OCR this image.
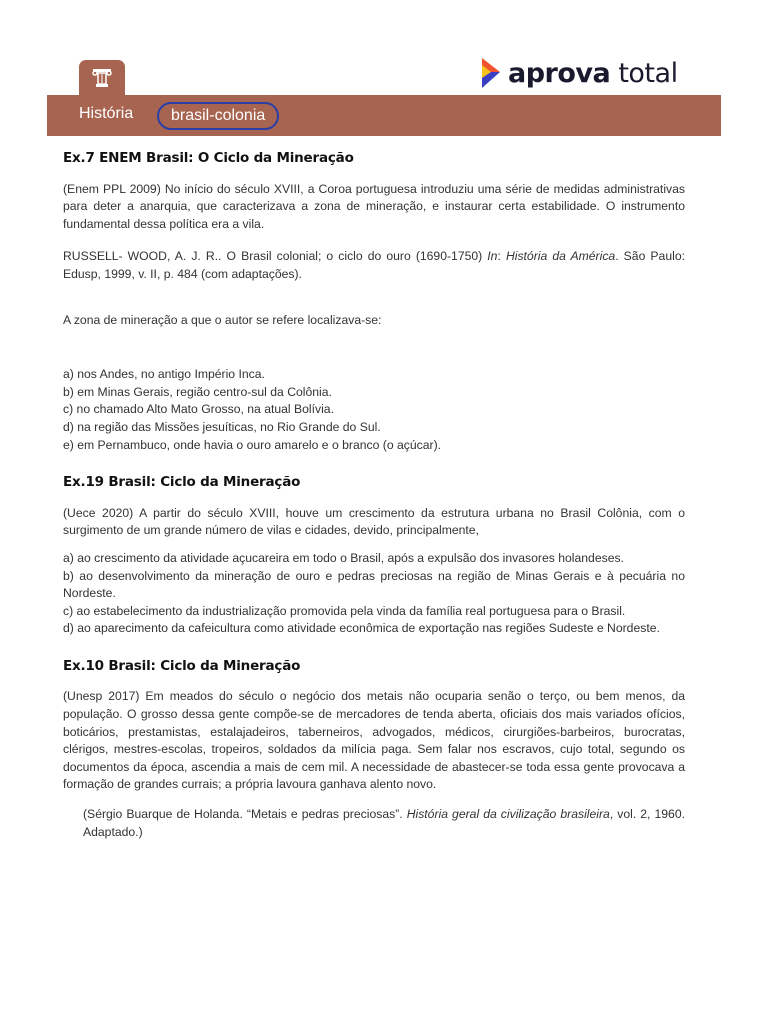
aprova total
História	brasil-colonia
Ex.7 ENEM Brasil: O Ciclo da Mineração

(Enem PPL 2009) No início do século XVIII, a Coroa portuguesa introduziu uma série de medidas administrativas para deter a anarquia, que caracterizava a zona de mineração, e instaurar certa estabilidade. O instrumento fundamental dessa política era a vila.

RUSSELL- WOOD, A. J. R.. O Brasil colonial; o ciclo do ouro (1690-1750) In: História da América. São Paulo: Edusp, 1999, v. II, p. 484 (com adaptações).

A zona de mineração a que o autor se refere localizava-se:

a) nos Andes, no antigo Império Inca.
b) em Minas Gerais, região centro-sul da Colônia.
c) no chamado Alto Mato Grosso, na atual Bolívia.
d) na região das Missões jesuíticas, no Rio Grande do Sul.
e) em Pernambuco, onde havia o ouro amarelo e o branco (o açúcar).
Ex.19 Brasil: Ciclo da Mineração

(Uece 2020) A partir do século XVIII, houve um crescimento da estrutura urbana no Brasil Colônia, com o surgimento de um grande número de vilas e cidades, devido, principalmente,

a) ao crescimento da atividade açucareira em todo o Brasil, após a expulsão dos invasores holandeses.
b) ao desenvolvimento da mineração de ouro e pedras preciosas na região de Minas Gerais e à pecuária no Nordeste.
c) ao estabelecimento da industrialização promovida pela vinda da família real portuguesa para o Brasil.
d) ao aparecimento da cafeicultura como atividade econômica de exportação nas regiões Sudeste e Nordeste.
Ex.10 Brasil: Ciclo da Mineração

(Unesp 2017) Em meados do século o negócio dos metais não ocuparia senão o terço, ou bem menos, da população. O grosso dessa gente compõe-se de mercadores de tenda aberta, oficiais dos mais variados ofícios, boticários, prestamistas, estalajadeiros, taberneiros, advogados, médicos, cirurgiões-barbeiros, burocratas, clérigos, mestres-escolas, tropeiros, soldados da milícia paga. Sem falar nos escravos, cujo total, segundo os documentos da época, ascendia a mais de cem mil. A necessidade de abastecer-se toda essa gente provocava a formação de grandes currais; a própria lavoura ganhava alento novo.

(Sérgio Buarque de Holanda. “Metais e pedras preciosas”. História geral da civilização brasileira, vol. 2, 1960. Adaptado.)
